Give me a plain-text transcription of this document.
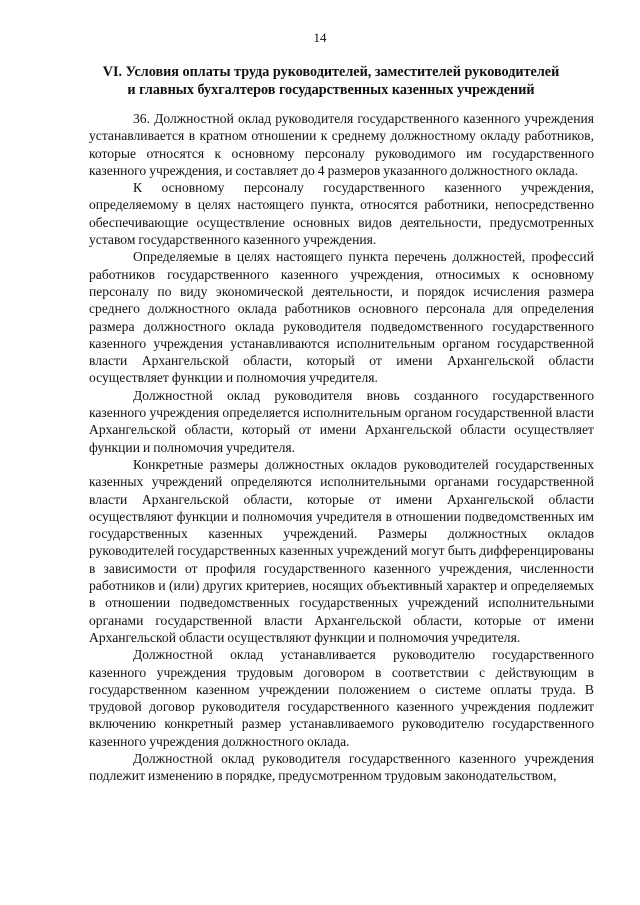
14
VI. Условия оплаты труда руководителей, заместителей руководителей
и главных бухгалтеров государственных казенных учреждений

36. Должностной оклад руководителя государственного казенного учреждения устанавливается в кратном отношении к среднему должностному окладу работников, которые относятся к основному персоналу руководимого им государственного казенного учреждения, и составляет до 4 размеров указанного должностного оклада.

К основному персоналу государственного казенного учреждения, определяемому в целях настоящего пункта, относятся работники, непосредственно обеспечивающие осуществление основных видов деятельности, предусмотренных уставом государственного казенного учреждения.

Определяемые в целях настоящего пункта перечень должностей, профессий работников государственного казенного учреждения, относимых к основному персоналу по виду экономической деятельности, и порядок исчисления размера среднего должностного оклада работников основного персонала для определения размера должностного оклада руководителя подведомственного государственного казенного учреждения устанавливаются исполнительным органом государственной власти Архангельской области, который от имени Архангельской области осуществляет функции и полномочия учредителя.

Должностной оклад руководителя вновь созданного государственного казенного учреждения определяется исполнительным органом государственной власти Архангельской области, который от имени Архангельской области осуществляет функции и полномочия учредителя.

Конкретные размеры должностных окладов руководителей государственных казенных учреждений определяются исполнительными органами государственной власти Архангельской области, которые от имени Архангельской области осуществляют функции и полномочия учредителя в отношении подведомственных им государственных казенных учреждений. Размеры должностных окладов руководителей государственных казенных учреждений могут быть дифференцированы в зависимости от профиля государственного казенного учреждения, численности работников и (или) других критериев, носящих объективный характер и определяемых в отношении подведомственных государственных учреждений исполнительными органами государственной власти Архангельской области, которые от имени Архангельской области осуществляют функции и полномочия учредителя.

Должностной оклад устанавливается руководителю государственного казенного учреждения трудовым договором в соответствии с действующим в государственном казенном учреждении положением о системе оплаты труда. В трудовой договор руководителя государственного казенного учреждения подлежит включению конкретный размер устанавливаемого руководителю государственного казенного учреждения должностного оклада.

Должностной оклад руководителя государственного казенного учреждения подлежит изменению в порядке, предусмотренном трудовым законодательством,
